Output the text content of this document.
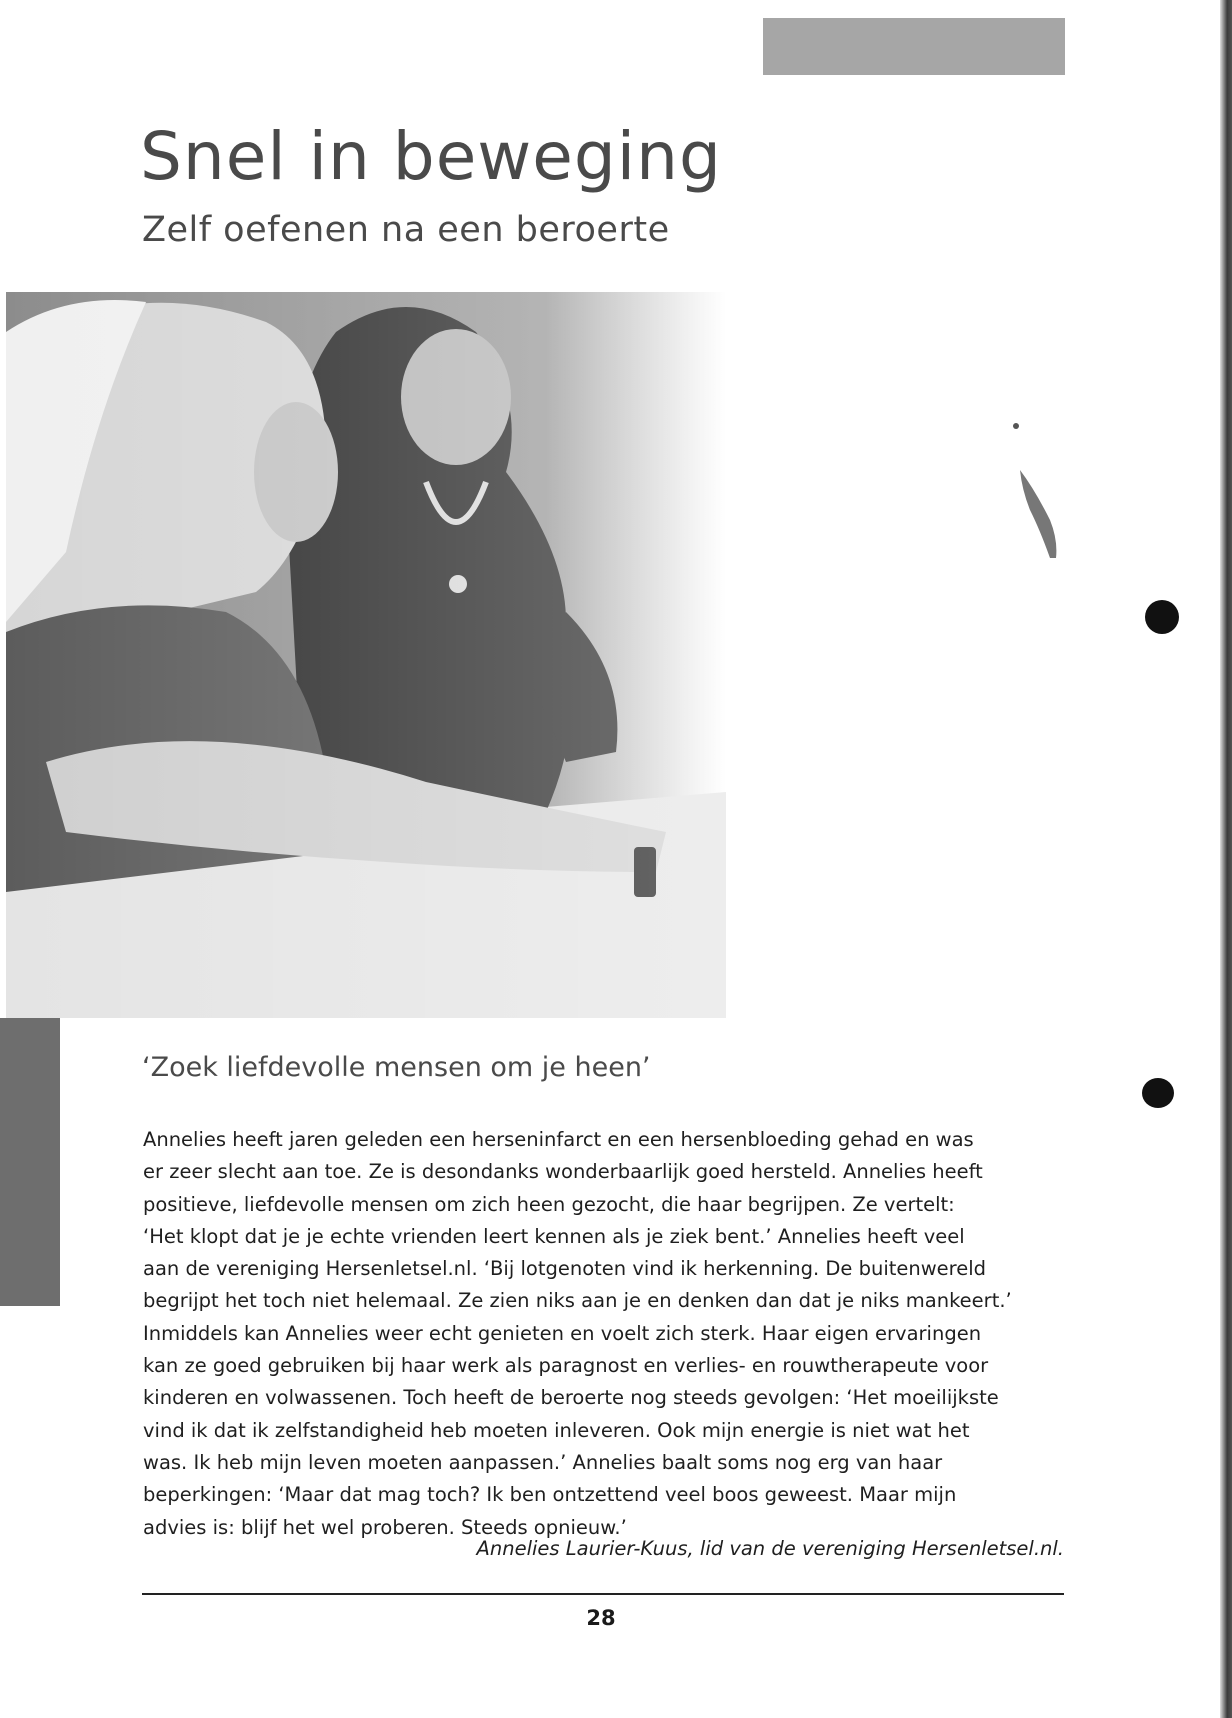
Snel in beweging
Zelf oefenen na een beroerte
‘Zoek liefdevolle mensen om je heen’

Annelies heeft jaren geleden een herseninfarct en een hersenbloeding gehad en was
er zeer slecht aan toe. Ze is desondanks wonderbaarlijk goed hersteld. Annelies heeft
positieve, liefdevolle mensen om zich heen gezocht, die haar begrijpen. Ze vertelt:
‘Het klopt dat je je echte vrienden leert kennen als je ziek bent.’ Annelies heeft veel
aan de vereniging Hersenletsel.nl. ‘Bij lotgenoten vind ik herkenning. De buitenwereld
begrijpt het toch niet helemaal. Ze zien niks aan je en denken dan dat je niks mankeert.’
Inmiddels kan Annelies weer echt genieten en voelt zich sterk. Haar eigen ervaringen
kan ze goed gebruiken bij haar werk als paragnost en verlies- en rouwtherapeute voor
kinderen en volwassenen. Toch heeft de beroerte nog steeds gevolgen: ‘Het moeilijkste
vind ik dat ik zelfstandigheid heb moeten inleveren. Ook mijn energie is niet wat het
was. Ik heb mijn leven moeten aanpassen.’ Annelies baalt soms nog erg van haar
beperkingen: ‘Maar dat mag toch? Ik ben ontzettend veel boos geweest. Maar mijn
advies is: blijf het wel proberen. Steeds opnieuw.’

Annelies Laurier-Kuus, lid van de vereniging Hersenletsel.nl.

28
